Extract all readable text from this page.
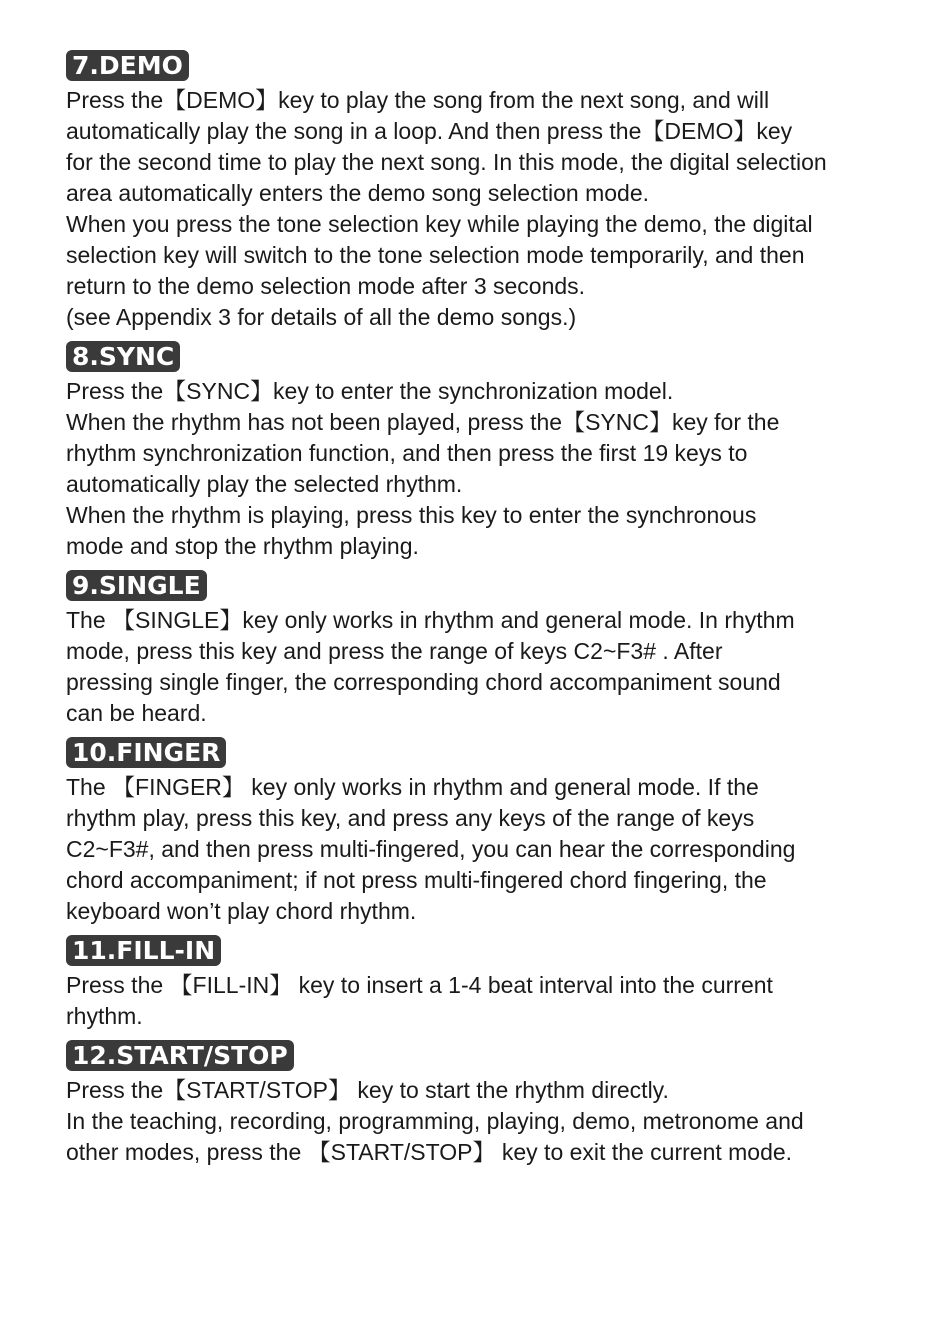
7.DEMO

Press the【DEMO】key to play the song from the next song, and will
automatically play the song in a loop. And then press the【DEMO】key
for the second time to play the next song. In this mode, the digital selection
area automatically enters the demo song selection mode.
When you press the tone selection key while playing the demo, the digital
selection key will switch to the tone selection mode temporarily, and then
return to the demo selection mode after 3 seconds.
(see Appendix 3 for details of all the demo songs.)

8.SYNC

Press the【SYNC】key to enter the synchronization model.
When the rhythm has not been played, press the【SYNC】key for the
rhythm synchronization function, and then press the first 19 keys to
automatically play the selected rhythm.
When the rhythm is playing, press this key to enter the synchronous
mode and stop the rhythm playing.

9.SINGLE

The 【SINGLE】key only works in rhythm and general mode. In rhythm
mode, press this key and press the range of keys C2~F3# . After
pressing single finger, the corresponding chord accompaniment sound
can be heard.

10.FINGER

The 【FINGER】 key only works in rhythm and general mode. If the
rhythm play, press this key, and press any keys of the range of keys
C2~F3#, and then press multi-fingered, you can hear the corresponding
chord accompaniment; if not press multi-fingered chord fingering, the
keyboard won’t play chord rhythm.

11.FILL-IN

Press the 【FILL-IN】 key to insert a 1-4 beat interval into the current
rhythm.

12.START/STOP

Press the【START/STOP】 key to start the rhythm directly.
In the teaching, recording, programming, playing, demo, metronome and
other modes, press the 【START/STOP】 key to exit the current mode.
